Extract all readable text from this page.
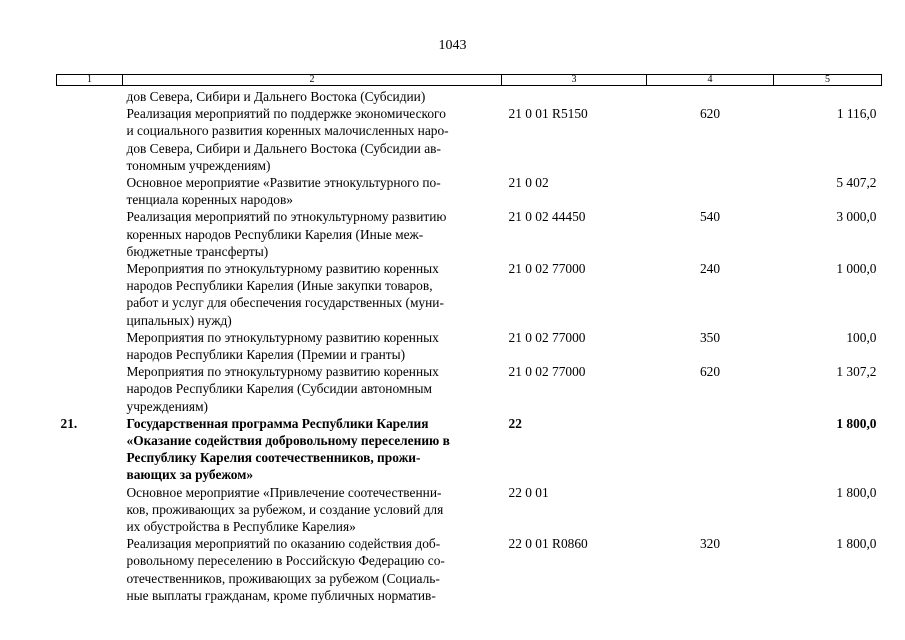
1043
1	2	3	4	5

	дов Севера, Сибири и Дальнего Востока (Субсидии)			

	Реализация мероприятий по поддержке экономического
и социального развития коренных малочисленных наро-
дов Севера, Сибири и Дальнего Востока (Субсидии ав-
тономным учреждениям)	21 0 01 R5150	620	1 116,0

	Основное мероприятие «Развитие этнокультурного по-
тенциала коренных народов»	21 0 02		5 407,2

	Реализация мероприятий по этнокультурному развитию
коренных народов Республики Карелия (Иные меж-
бюджетные трансферты)	21 0 02 44450	540	3 000,0

	Мероприятия по этнокультурному развитию коренных
народов Республики Карелия (Иные закупки товаров,
работ и услуг для обеспечения государственных (муни-
ципальных) нужд)	21 0 02 77000	240	1 000,0

	Мероприятия по этнокультурному развитию коренных
народов Республики Карелия (Премии и гранты)	21 0 02 77000	350	100,0

	Мероприятия по этнокультурному развитию коренных
народов Республики Карелия (Субсидии автономным
учреждениям)	21 0 02 77000	620	1 307,2
21.	Государственная программа Республики Карелия
«Оказание содействия добровольному переселению в
Республику Карелия соотечественников, прожи-
вающих за рубежом»	22		1 800,0

	Основное мероприятие «Привлечение соотечественни-
ков, проживающих за рубежом, и создание условий для
их обустройства в Республике Карелия»	22 0 01		1 800,0

	Реализация мероприятий по оказанию содействия доб-
ровольному переселению в Российскую Федерацию со-
отечественников, проживающих за рубежом (Социаль-
ные выплаты гражданам, кроме публичных норматив-	22 0 01 R0860	320	1 800,0
